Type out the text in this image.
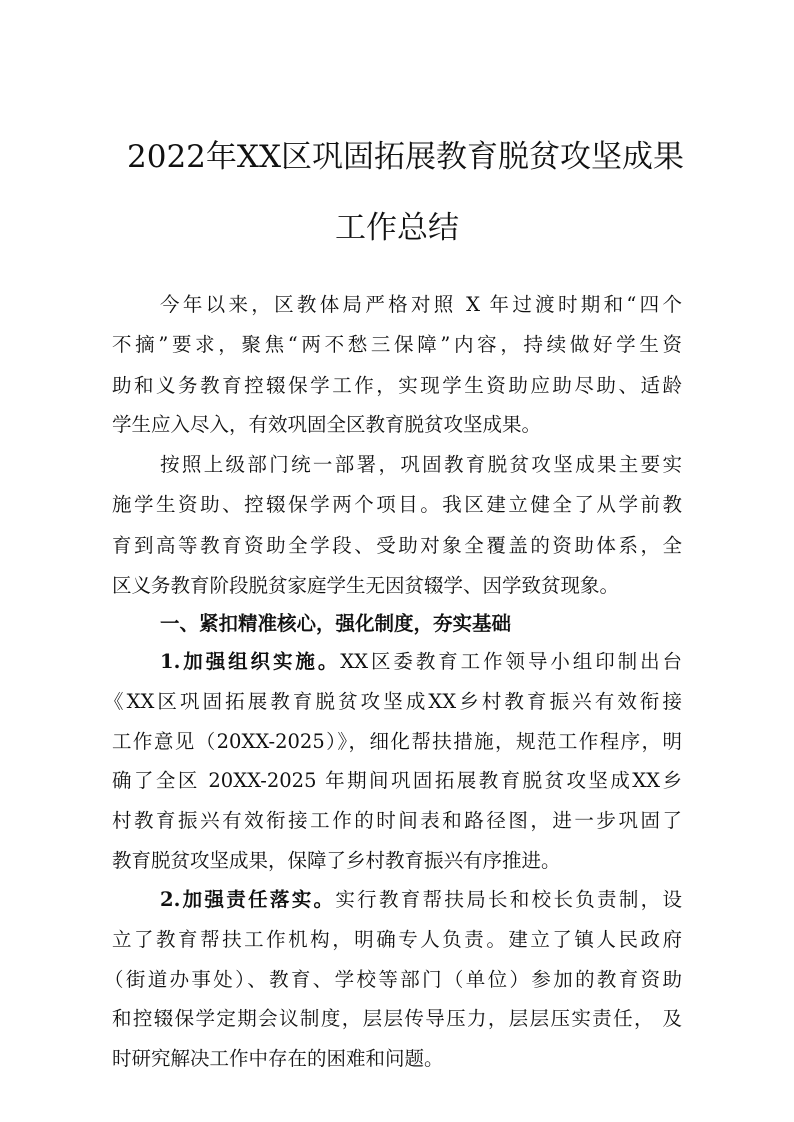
2022年XX区巩固拓展教育脱贫攻坚成果
工作总结
今年以来，区教体局严格对照 X 年过渡时期和“四个
不摘”要求，聚焦“两不愁三保障”内容，持续做好学生资
助和义务教育控辍保学工作，实现学生资助应助尽助、适龄
学生应入尽入，有效巩固全区教育脱贫攻坚成果。
按照上级部门统一部署，巩固教育脱贫攻坚成果主要实
施学生资助、控辍保学两个项目。我区建立健全了从学前教
育到高等教育资助全学段、受助对象全覆盖的资助体系，全
区义务教育阶段脱贫家庭学生无因贫辍学、因学致贫现象。
一、紧扣精准核心，强化制度，夯实基础
1.加强组织实施。XX区委教育工作领导小组印制出台
《XX区巩固拓展教育脱贫攻坚成XX乡村教育振兴有效衔接
工作意见（20XX-2025）》，细化帮扶措施，规范工作程序，明
确了全区 20XX-2025 年期间巩固拓展教育脱贫攻坚成XX乡
村教育振兴有效衔接工作的时间表和路径图，进一步巩固了
教育脱贫攻坚成果，保障了乡村教育振兴有序推进。
2.加强责任落实。实行教育帮扶局长和校长负责制，设
立了教育帮扶工作机构，明确专人负责。建立了镇人民政府
（街道办事处）、教育、学校等部门（单位）参加的教育资助
和控辍保学定期会议制度，层层传导压力，层层压实责任， 及
时研究解决工作中存在的困难和问题。
